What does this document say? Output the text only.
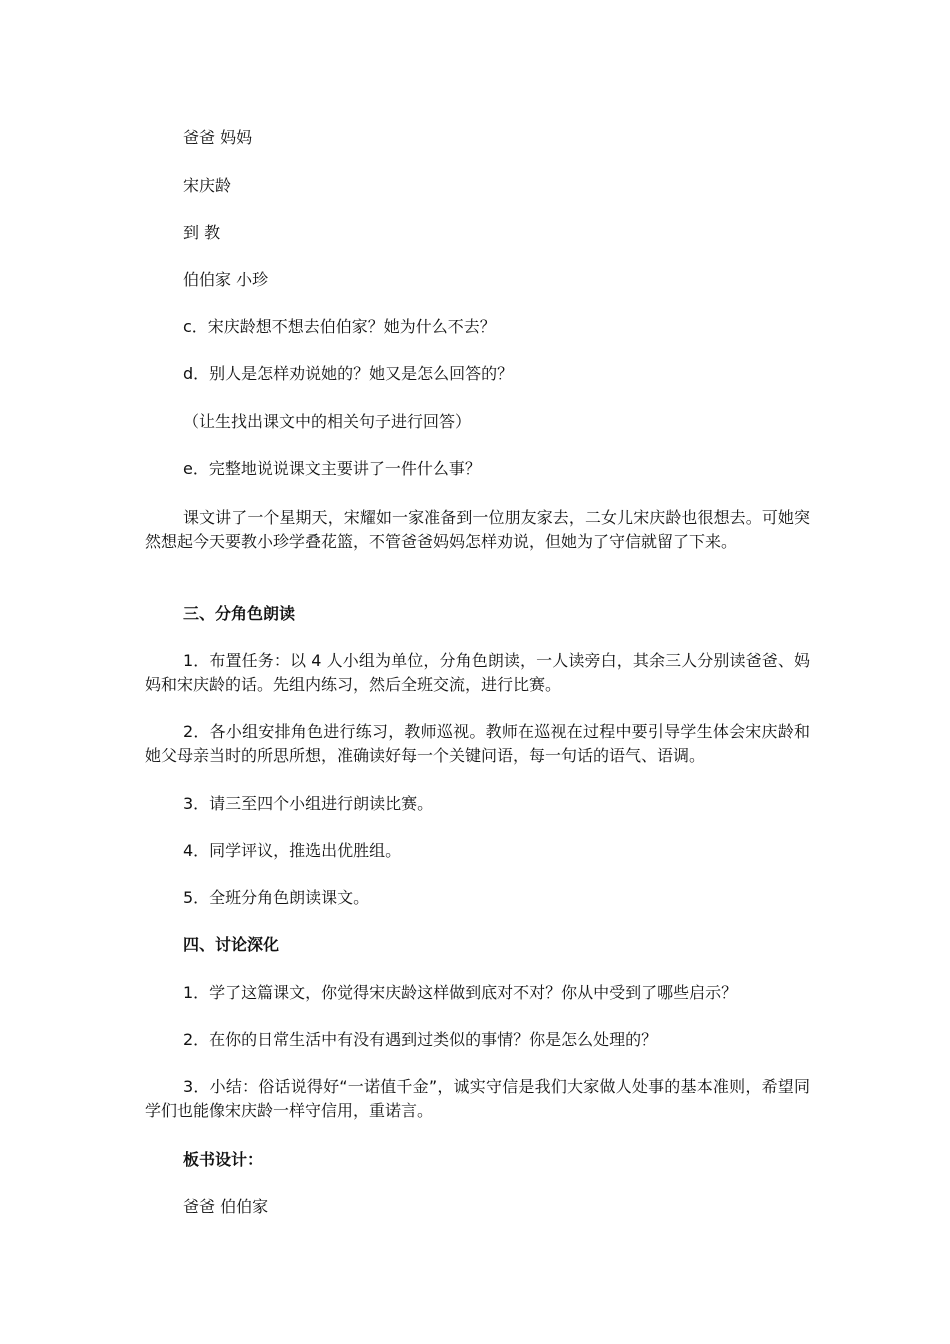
爸爸 妈妈
宋庆龄
到 教
伯伯家 小珍
c．宋庆龄想不想去伯伯家？她为什么不去？
d．别人是怎样劝说她的？她又是怎么回答的？
（让生找出课文中的相关句子进行回答）
e．完整地说说课文主要讲了一件什么事？
课文讲了一个星期天，宋耀如一家准备到一位朋友家去，二女儿宋庆龄也很想去。可她突然想起今天要教小珍学叠花篮，不管爸爸妈妈怎样劝说，但她为了守信就留了下来。
三、分角色朗读
1．布置任务：以 4 人小组为单位，分角色朗读，一人读旁白，其余三人分别读爸爸、妈妈和宋庆龄的话。先组内练习，然后全班交流，进行比赛。
2．各小组安排角色进行练习，教师巡视。教师在巡视在过程中要引导学生体会宋庆龄和她父母亲当时的所思所想，准确读好每一个关键问语，每一句话的语气、语调。
3．请三至四个小组进行朗读比赛。
4．同学评议，推选出优胜组。
5．全班分角色朗读课文。
四、讨论深化
1．学了这篇课文，你觉得宋庆龄这样做到底对不对？你从中受到了哪些启示？
2．在你的日常生活中有没有遇到过类似的事情？你是怎么处理的？
3．小结：俗话说得好“一诺值千金”，诚实守信是我们大家做人处事的基本准则，希望同学们也能像宋庆龄一样守信用，重诺言。
板书设计：
爸爸 伯伯家
